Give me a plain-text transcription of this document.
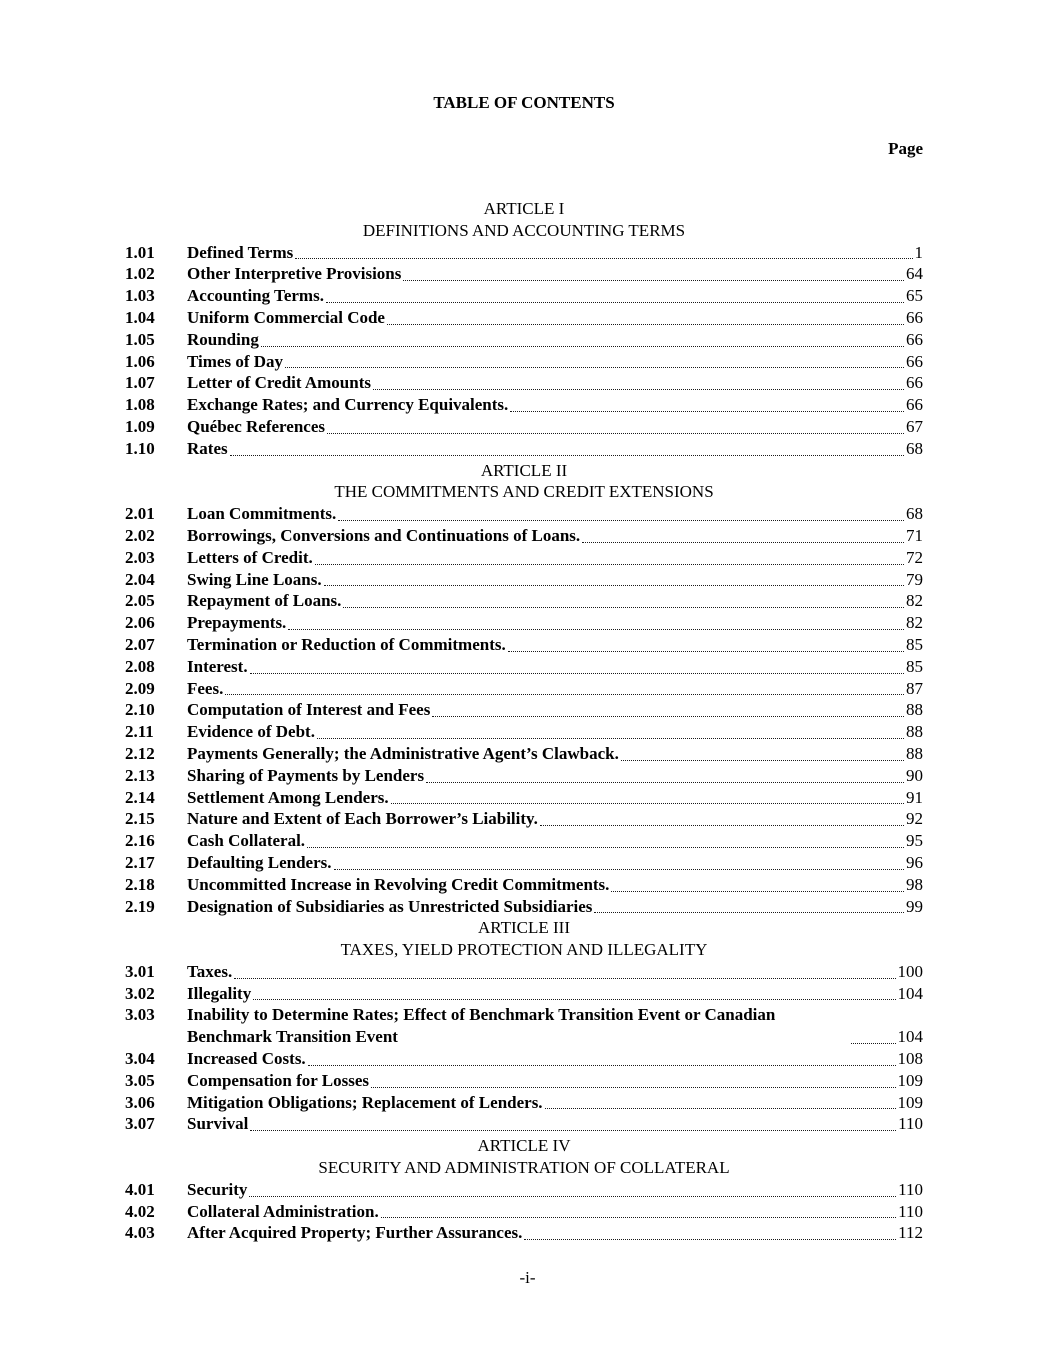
TABLE OF CONTENTS
Page
ARTICLE I
DEFINITIONS AND ACCOUNTING TERMS
1.01	Defined Terms	1
1.02	Other Interpretive Provisions	64
1.03	Accounting Terms.	65
1.04	Uniform Commercial Code	66
1.05	Rounding	66
1.06	Times of Day	66
1.07	Letter of Credit Amounts	66
1.08	Exchange Rates; and Currency Equivalents.	66
1.09	Québec References	67
1.10	Rates	68
ARTICLE II
THE COMMITMENTS AND CREDIT EXTENSIONS
2.01	Loan Commitments.	68
2.02	Borrowings, Conversions and Continuations of Loans.	71
2.03	Letters of Credit.	72
2.04	Swing Line Loans.	79
2.05	Repayment of Loans.	82
2.06	Prepayments.	82
2.07	Termination or Reduction of Commitments.	85
2.08	Interest.	85
2.09	Fees.	87
2.10	Computation of Interest and Fees	88
2.11	Evidence of Debt.	88
2.12	Payments Generally; the Administrative Agent’s Clawback.	88
2.13	Sharing of Payments by Lenders	90
2.14	Settlement Among Lenders.	91
2.15	Nature and Extent of Each Borrower’s Liability.	92
2.16	Cash Collateral.	95
2.17	Defaulting Lenders.	96
2.18	Uncommitted Increase in Revolving Credit Commitments.	98
2.19	Designation of Subsidiaries as Unrestricted Subsidiaries	99
ARTICLE III
TAXES, YIELD PROTECTION AND ILLEGALITY
3.01	Taxes.	100
3.02	Illegality	104
3.03	Inability to Determine Rates; Effect of Benchmark Transition Event or Canadian Benchmark Transition Event	104
3.04	Increased Costs.	108
3.05	Compensation for Losses	109
3.06	Mitigation Obligations; Replacement of Lenders.	109
3.07	Survival	110
ARTICLE IV
SECURITY AND ADMINISTRATION OF COLLATERAL
4.01	Security	110
4.02	Collateral Administration.	110
4.03	After Acquired Property; Further Assurances.	112
-i-
